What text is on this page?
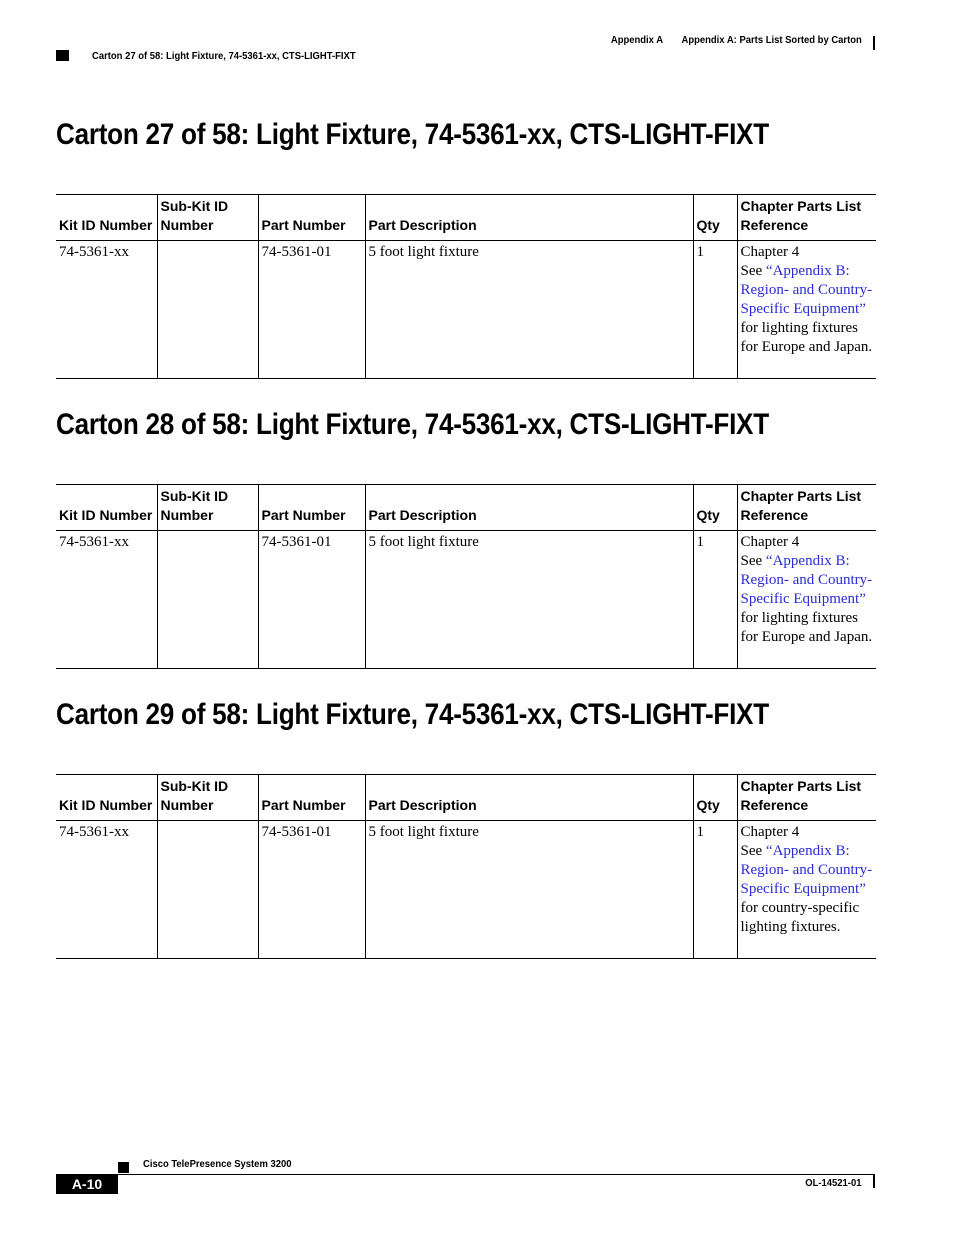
Appendix A Appendix A: Parts List Sorted by Carton
Carton 27 of 58: Light Fixture, 74-5361-xx, CTS-LIGHT-FIXT
Carton 27 of 58: Light Fixture, 74-5361-xx, CTS-LIGHT-FIXT
Kit ID Number	Sub-Kit ID
Number	Part Number	Part Description	Qty	Chapter Parts List
Reference
74-5361-xx		74-5361-01	5 foot light fixture	1	Chapter 4
See “Appendix B: Region- and Country-Specific Equipment” for lighting fixtures for Europe and Japan.
Carton 28 of 58: Light Fixture, 74-5361-xx, CTS-LIGHT-FIXT
Kit ID Number	Sub-Kit ID
Number	Part Number	Part Description	Qty	Chapter Parts List
Reference
74-5361-xx		74-5361-01	5 foot light fixture	1	Chapter 4
See “Appendix B: Region- and Country-Specific Equipment” for lighting fixtures for Europe and Japan.
Carton 29 of 58: Light Fixture, 74-5361-xx, CTS-LIGHT-FIXT
Kit ID Number	Sub-Kit ID
Number	Part Number	Part Description	Qty	Chapter Parts List
Reference
74-5361-xx		74-5361-01	5 foot light fixture	1	Chapter 4
See “Appendix B: Region- and Country-Specific Equipment” for country-specific lighting fixtures.
Cisco TelePresence System 3200
A-10	OL-14521-01
